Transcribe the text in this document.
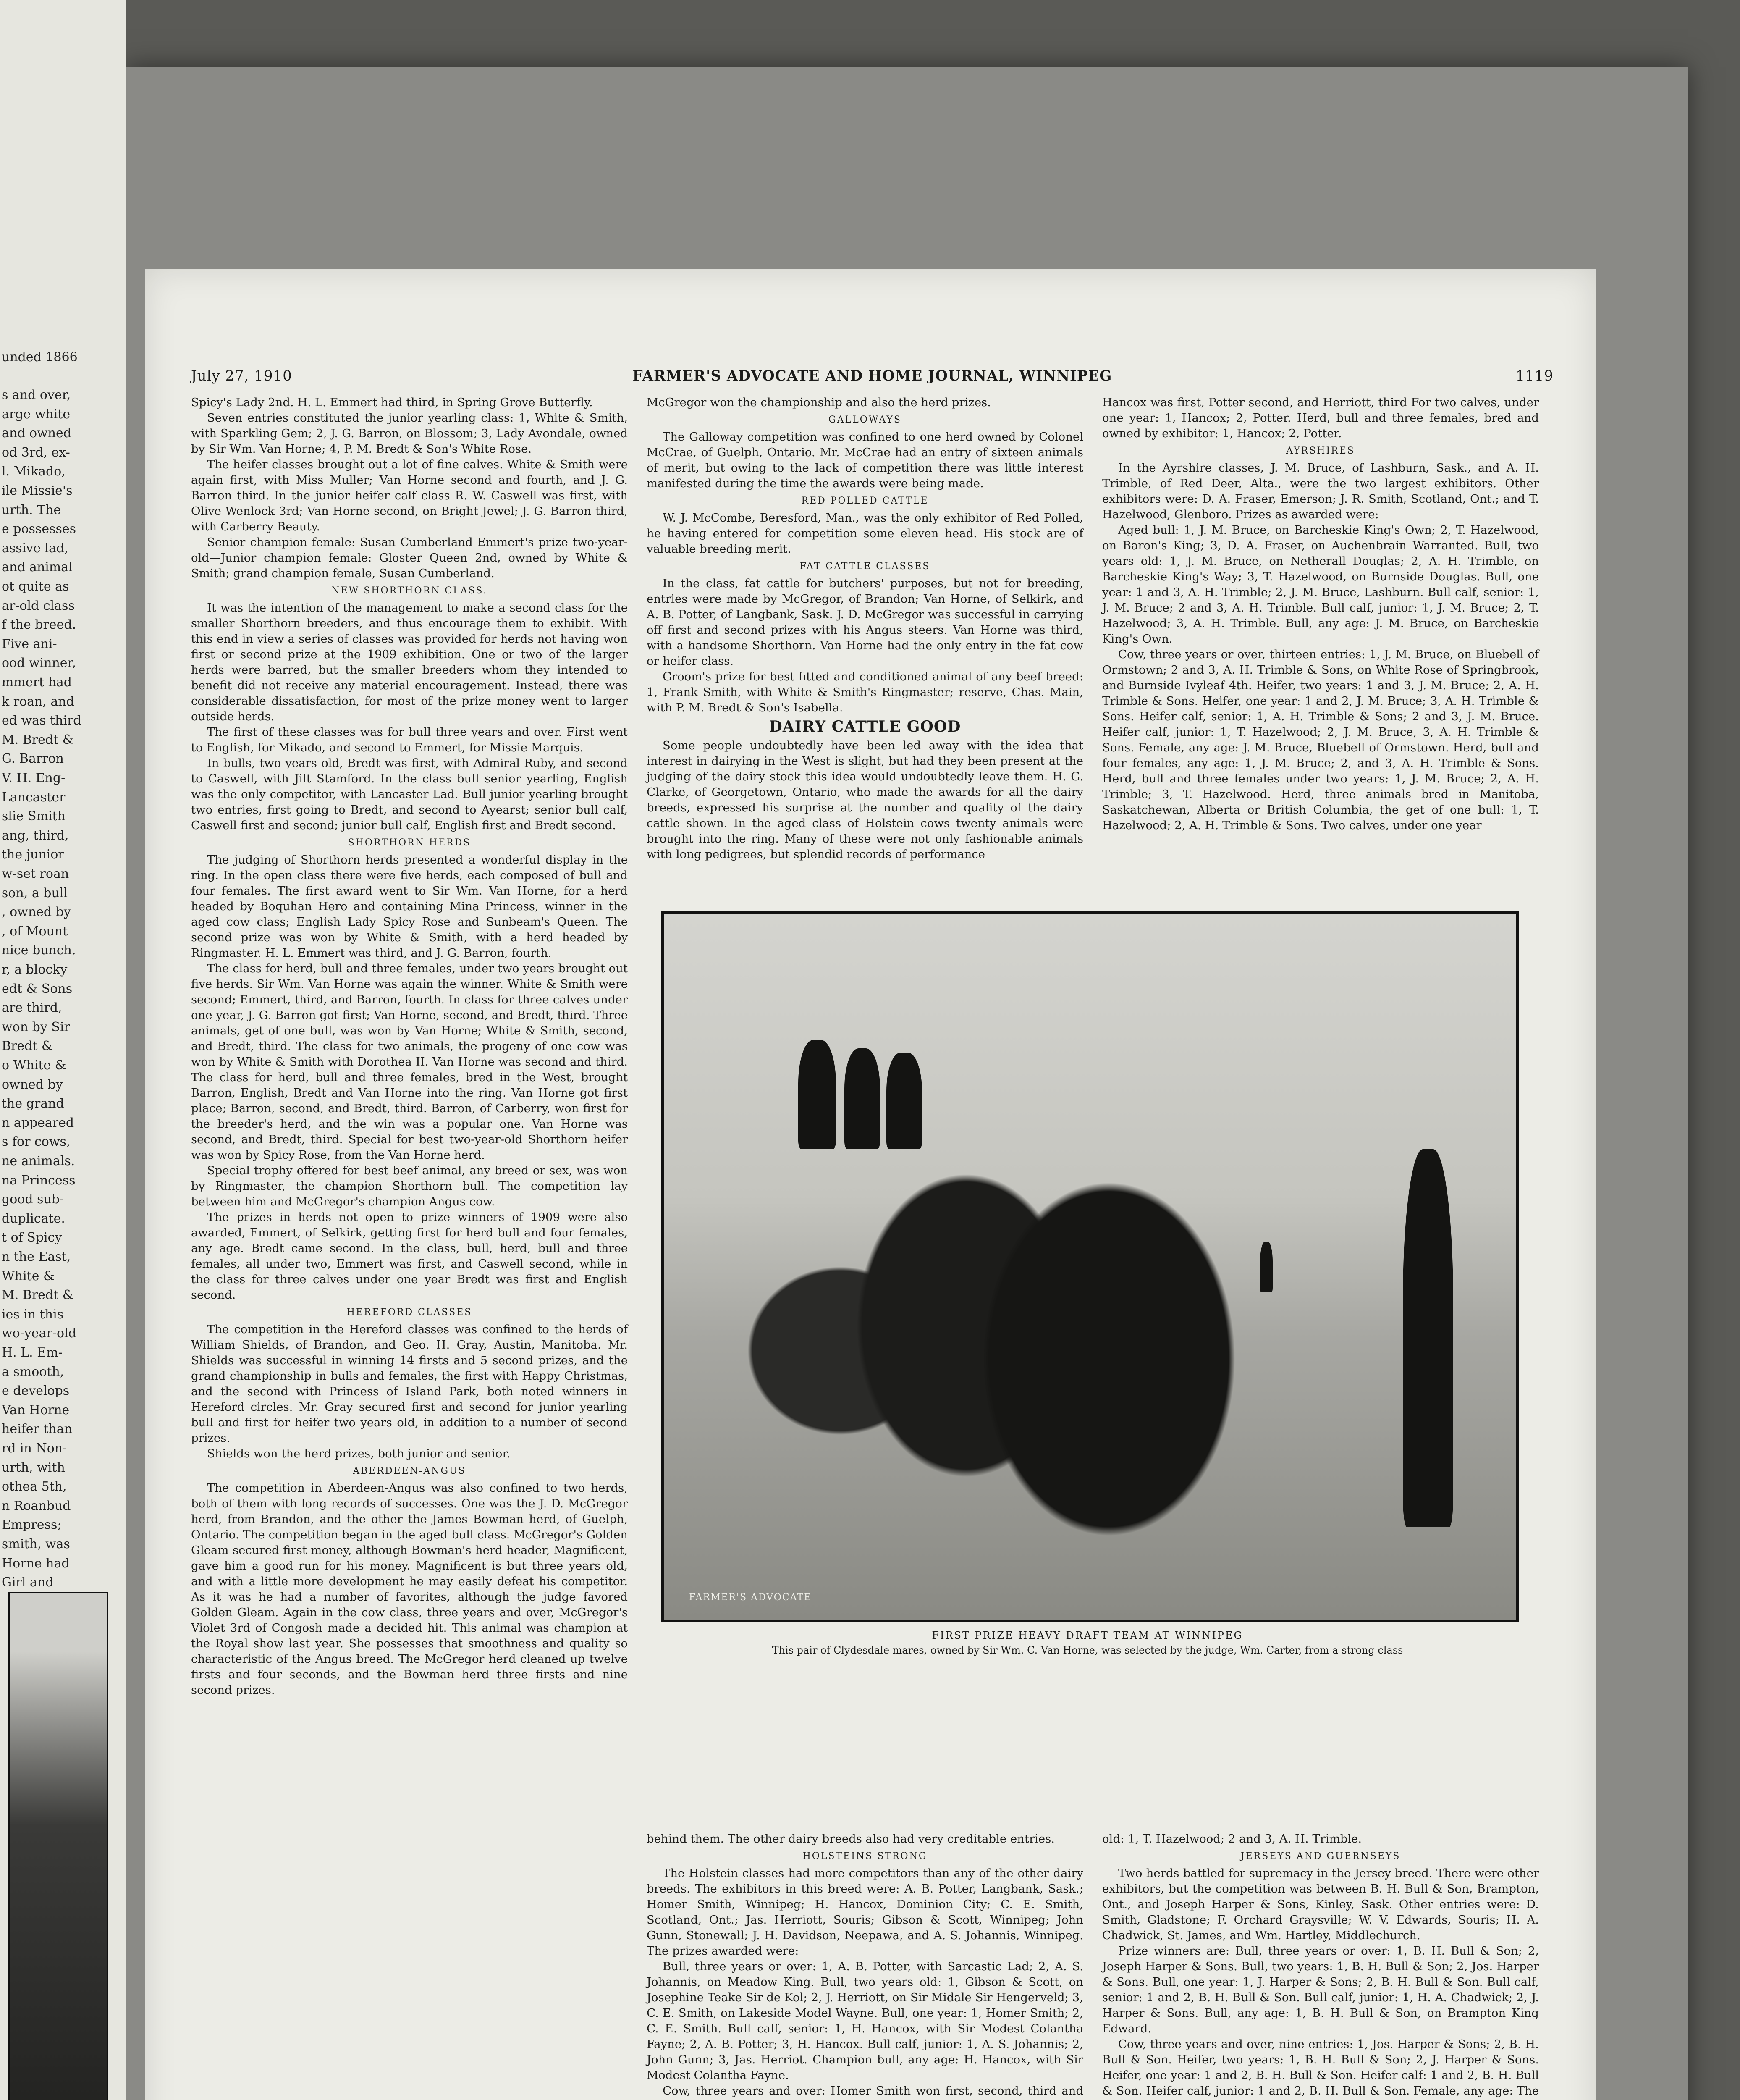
unded 1866
s and over,
arge white
and owned
od 3rd, ex-
l. Mikado,
ile Missie's
urth. The
e possesses
assive lad,
and animal
ot quite as
ar-old class
f the breed.
Five ani-
ood winner,
mmert had
k roan, and
ed was third
M. Bredt &
G. Barron
V. H. Eng-
Lancaster
slie Smith
ang, third,
the junior
w-set roan
son, a bull
, owned by
, of Mount
nice bunch.
r, a blocky
edt & Sons
are third,
won by Sir
Bredt &
o White &
owned by
the grand
n appeared
s for cows,
ne animals.
na Princess
good sub-
duplicate.
t of Spicy
n the East,
White &
M. Bredt &
ies in this
wo-year-old
H. L. Em-
a smooth,
e develops
Van Horne
heifer than
rd in Non-
urth, with
othea 5th,
n Roanbud
Empress;
smith, was
Horne had
Girl and
July 27, 1910	FARMER'S ADVOCATE AND HOME JOURNAL, WINNIPEG	1119

Spicy's Lady 2nd. H. L. Emmert had third, in Spring Grove Butterfly.

Seven entries constituted the junior yearling class: 1, White & Smith, with Sparkling Gem; 2, J. G. Barron, on Blossom; 3, Lady Avondale, owned by Sir Wm. Van Horne; 4, P. M. Bredt & Son's White Rose.

The heifer classes brought out a lot of fine calves. White & Smith were again first, with Miss Muller; Van Horne second and fourth, and J. G. Barron third. In the junior heifer calf class R. W. Caswell was first, with Olive Wenlock 3rd; Van Horne second, on Bright Jewel; J. G. Barron third, with Carberry Beauty.

Senior champion female: Susan Cumberland Emmert's prize two-year-old—Junior champion female: Gloster Queen 2nd, owned by White & Smith; grand champion female, Susan Cumberland.

NEW SHORTHORN CLASS.

It was the intention of the management to make a second class for the smaller Shorthorn breeders, and thus encourage them to exhibit. With this end in view a series of classes was provided for herds not having won first or second prize at the 1909 exhibition. One or two of the larger herds were barred, but the smaller breeders whom they intended to benefit did not receive any material encouragement. Instead, there was considerable dissatisfaction, for most of the prize money went to larger outside herds.

The first of these classes was for bull three years and over. First went to English, for Mikado, and second to Emmert, for Missie Marquis.

In bulls, two years old, Bredt was first, with Admiral Ruby, and second to Caswell, with Jilt Stamford. In the class bull senior yearling, English was the only competitor, with Lancaster Lad. Bull junior yearling brought two entries, first going to Bredt, and second to Ayearst; senior bull calf, Caswell first and second; junior bull calf, English first and Bredt second.

SHORTHORN HERDS

The judging of Shorthorn herds presented a wonderful display in the ring. In the open class there were five herds, each composed of bull and four females. The first award went to Sir Wm. Van Horne, for a herd headed by Boquhan Hero and containing Mina Princess, winner in the aged cow class; English Lady Spicy Rose and Sunbeam's Queen. The second prize was won by White & Smith, with a herd headed by Ringmaster. H. L. Emmert was third, and J. G. Barron, fourth.

The class for herd, bull and three females, under two years brought out five herds. Sir Wm. Van Horne was again the winner. White & Smith were second; Emmert, third, and Barron, fourth. In class for three calves under one year, J. G. Barron got first; Van Horne, second, and Bredt, third. Three animals, get of one bull, was won by Van Horne; White & Smith, second, and Bredt, third. The class for two animals, the progeny of one cow was won by White & Smith with Dorothea II. Van Horne was second and third. The class for herd, bull and three females, bred in the West, brought Barron, English, Bredt and Van Horne into the ring. Van Horne got first place; Barron, second, and Bredt, third. Barron, of Carberry, won first for the breeder's herd, and the win was a popular one. Van Horne was second, and Bredt, third. Special for best two-year-old Shorthorn heifer was won by Spicy Rose, from the Van Horne herd.

Special trophy offered for best beef animal, any breed or sex, was won by Ringmaster, the champion Shorthorn bull. The competition lay between him and McGregor's champion Angus cow.

The prizes in herds not open to prize winners of 1909 were also awarded, Emmert, of Selkirk, getting first for herd bull and four females, any age. Bredt came second. In the class, bull, herd, bull and three females, all under two, Emmert was first, and Caswell second, while in the class for three calves under one year Bredt was first and English second.

HEREFORD CLASSES

The competition in the Hereford classes was confined to the herds of William Shields, of Brandon, and Geo. H. Gray, Austin, Manitoba. Mr. Shields was successful in winning 14 firsts and 5 second prizes, and the grand championship in bulls and females, the first with Happy Christmas, and the second with Princess of Island Park, both noted winners in Hereford circles. Mr. Gray secured first and second for junior yearling bull and first for heifer two years old, in addition to a number of second prizes.

Shields won the herd prizes, both junior and senior.

ABERDEEN-ANGUS

The competition in Aberdeen-Angus was also confined to two herds, both of them with long records of successes. One was the J. D. McGregor herd, from Brandon, and the other the James Bowman herd, of Guelph, Ontario. The competition began in the aged bull class. McGregor's Golden Gleam secured first money, although Bowman's herd header, Magnificent, gave him a good run for his money. Magnificent is but three years old, and with a little more development he may easily defeat his competitor. As it was he had a number of favorites, although the judge favored Golden Gleam. Again in the cow class, three years and over, McGregor's Violet 3rd of Congosh made a decided hit. This animal was champion at the Royal show last year. She possesses that smoothness and quality so characteristic of the Angus breed. The McGregor herd cleaned up twelve firsts and four seconds, and the Bowman herd three firsts and nine second prizes.

McGregor won the championship and also the herd prizes.

GALLOWAYS

The Galloway competition was confined to one herd owned by Colonel McCrae, of Guelph, Ontario. Mr. McCrae had an entry of sixteen animals of merit, but owing to the lack of competition there was little interest manifested during the time the awards were being made.

RED POLLED CATTLE

W. J. McCombe, Beresford, Man., was the only exhibitor of Red Polled, he having entered for competition some eleven head. His stock are of valuable breeding merit.

FAT CATTLE CLASSES

In the class, fat cattle for butchers' purposes, but not for breeding, entries were made by McGregor, of Brandon; Van Horne, of Selkirk, and A. B. Potter, of Langbank, Sask. J. D. McGregor was successful in carrying off first and second prizes with his Angus steers. Van Horne was third, with a handsome Shorthorn. Van Horne had the only entry in the fat cow or heifer class.

Groom's prize for best fitted and conditioned animal of any beef breed: 1, Frank Smith, with White & Smith's Ringmaster; reserve, Chas. Main, with P. M. Bredt & Son's Isabella.

DAIRY CATTLE GOOD

Some people undoubtedly have been led away with the idea that interest in dairying in the West is slight, but had they been present at the judging of the dairy stock this idea would undoubtedly leave them. H. G. Clarke, of Georgetown, Ontario, who made the awards for all the dairy breeds, expressed his surprise at the number and quality of the dairy cattle shown. In the aged class of Holstein cows twenty animals were brought into the ring. Many of these were not only fashionable animals with long pedigrees, but splendid records of performance

Hancox was first, Potter second, and Herriott, third For two calves, under one year: 1, Hancox; 2, Potter. Herd, bull and three females, bred and owned by exhibitor: 1, Hancox; 2, Potter.

AYRSHIRES

In the Ayrshire classes, J. M. Bruce, of Lashburn, Sask., and A. H. Trimble, of Red Deer, Alta., were the two largest exhibitors. Other exhibitors were: D. A. Fraser, Emerson; J. R. Smith, Scotland, Ont.; and T. Hazelwood, Glenboro. Prizes as awarded were:

Aged bull: 1, J. M. Bruce, on Barcheskie King's Own; 2, T. Hazelwood, on Baron's King; 3, D. A. Fraser, on Auchenbrain Warranted. Bull, two years old: 1, J. M. Bruce, on Netherall Douglas; 2, A. H. Trimble, on Barcheskie King's Way; 3, T. Hazelwood, on Burnside Douglas. Bull, one year: 1 and 3, A. H. Trimble; 2, J. M. Bruce, Lashburn. Bull calf, senior: 1, J. M. Bruce; 2 and 3, A. H. Trimble. Bull calf, junior: 1, J. M. Bruce; 2, T. Hazelwood; 3, A. H. Trimble. Bull, any age: J. M. Bruce, on Barcheskie King's Own.

Cow, three years or over, thirteen entries: 1, J. M. Bruce, on Bluebell of Ormstown; 2 and 3, A. H. Trimble & Sons, on White Rose of Springbrook, and Burnside Ivyleaf 4th. Heifer, two years: 1 and 3, J. M. Bruce; 2, A. H. Trimble & Sons. Heifer, one year: 1 and 2, J. M. Bruce; 3, A. H. Trimble & Sons. Heifer calf, senior: 1, A. H. Trimble & Sons; 2 and 3, J. M. Bruce. Heifer calf, junior: 1, T. Hazelwood; 2, J. M. Bruce, 3, A. H. Trimble & Sons. Female, any age: J. M. Bruce, Bluebell of Ormstown. Herd, bull and four females, any age: 1, J. M. Bruce; 2, and 3, A. H. Trimble & Sons. Herd, bull and three females under two years: 1, J. M. Bruce; 2, A. H. Trimble; 3, T. Hazelwood. Herd, three animals bred in Manitoba, Saskatchewan, Alberta or British Columbia, the get of one bull: 1, T. Hazelwood; 2, A. H. Trimble & Sons. Two calves, under one year

FARMER'S ADVOCATE
FIRST PRIZE HEAVY DRAFT TEAM AT WINNIPEG
This pair of Clydesdale mares, owned by Sir Wm. C. Van Horne, was selected by the judge, Wm. Carter, from a strong class

behind them. The other dairy breeds also had very creditable entries.

HOLSTEINS STRONG

The Holstein classes had more competitors than any of the other dairy breeds. The exhibitors in this breed were: A. B. Potter, Langbank, Sask.; Homer Smith, Winnipeg; H. Hancox, Dominion City; C. E. Smith, Scotland, Ont.; Jas. Herriott, Souris; Gibson & Scott, Winnipeg; John Gunn, Stonewall; J. H. Davidson, Neepawa, and A. S. Johannis, Winnipeg. The prizes awarded were:

Bull, three years or over: 1, A. B. Potter, with Sarcastic Lad; 2, A. S. Johannis, on Meadow King. Bull, two years old: 1, Gibson & Scott, on Josephine Teake Sir de Kol; 2, J. Herriott, on Sir Midale Sir Hengerveld; 3, C. E. Smith, on Lakeside Model Wayne. Bull, one year: 1, Homer Smith; 2, C. E. Smith. Bull calf, senior: 1, H. Hancox, with Sir Modest Colantha Fayne; 2, A. B. Potter; 3, H. Hancox. Bull calf, junior: 1, A. S. Johannis; 2, John Gunn; 3, Jas. Herriot. Champion bull, any age: H. Hancox, with Sir Modest Colantha Fayne.

Cow, three years and over: Homer Smith won first, second, third and

old: 1, T. Hazelwood; 2 and 3, A. H. Trimble.

JERSEYS AND GUERNSEYS

Two herds battled for supremacy in the Jersey breed. There were other exhibitors, but the competition was between B. H. Bull & Son, Brampton, Ont., and Joseph Harper & Sons, Kinley, Sask. Other entries were: D. Smith, Gladstone; F. Orchard Graysville; W. V. Edwards, Souris; H. A. Chadwick, St. James, and Wm. Hartley, Middlechurch.

Prize winners are: Bull, three years or over: 1, B. H. Bull & Son; 2, Joseph Harper & Sons. Bull, two years: 1, B. H. Bull & Son; 2, Jos. Harper & Sons. Bull, one year: 1, J. Harper & Sons; 2, B. H. Bull & Son. Bull calf, senior: 1 and 2, B. H. Bull & Son. Bull calf, junior: 1, H. A. Chadwick; 2, J. Harper & Sons. Bull, any age: 1, B. H. Bull & Son, on Brampton King Edward.

Cow, three years and over, nine entries: 1, Jos. Harper & Sons; 2, B. H. Bull & Son. Heifer, two years: 1, B. H. Bull & Son; 2, J. Harper & Sons. Heifer, one year: 1 and 2, B. H. Bull & Son. Heifer calf: 1 and 2, B. H. Bull & Son. Heifer calf, junior: 1 and 2, B. H. Bull & Son. Female, any age: The
